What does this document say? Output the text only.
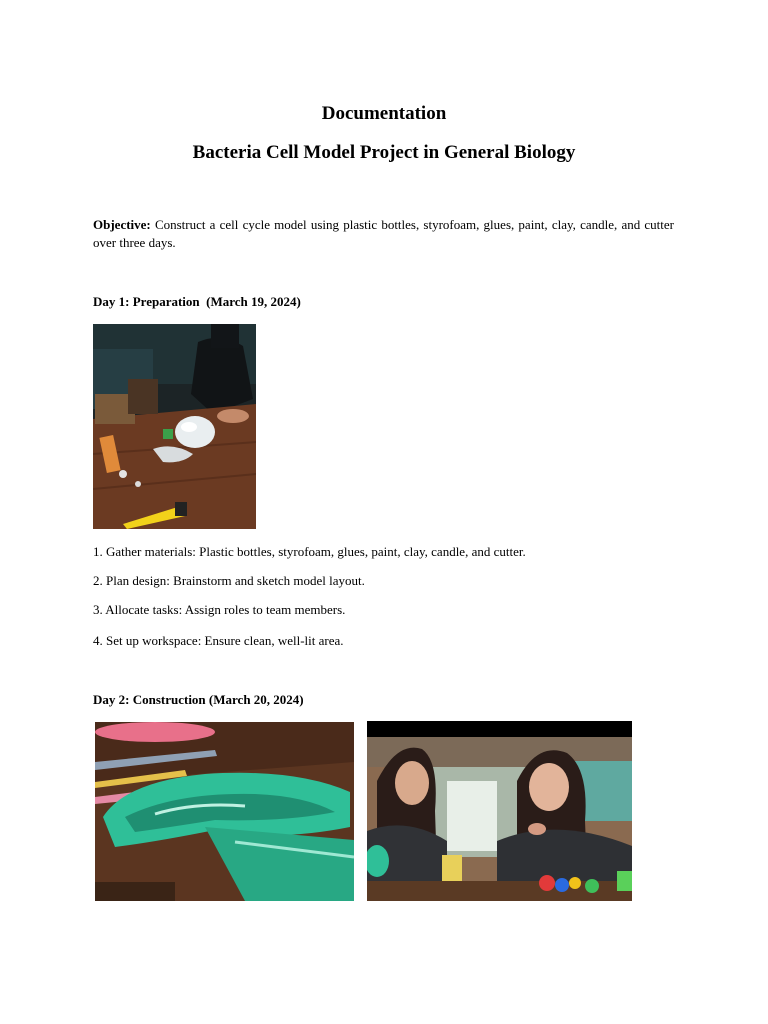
Documentation
Bacteria Cell Model Project in General Biology

Objective: Construct a cell cycle model using plastic bottles, styrofoam, glues, paint, clay, candle, and cutter over three days.

Day 1: Preparation  (March 19, 2024)

1. Gather materials: Plastic bottles, styrofoam, glues, paint, clay, candle, and cutter.

2. Plan design: Brainstorm and sketch model layout.

3. Allocate tasks: Assign roles to team members.

4. Set up workspace: Ensure clean, well-lit area.

Day 2: Construction (March 20, 2024)
